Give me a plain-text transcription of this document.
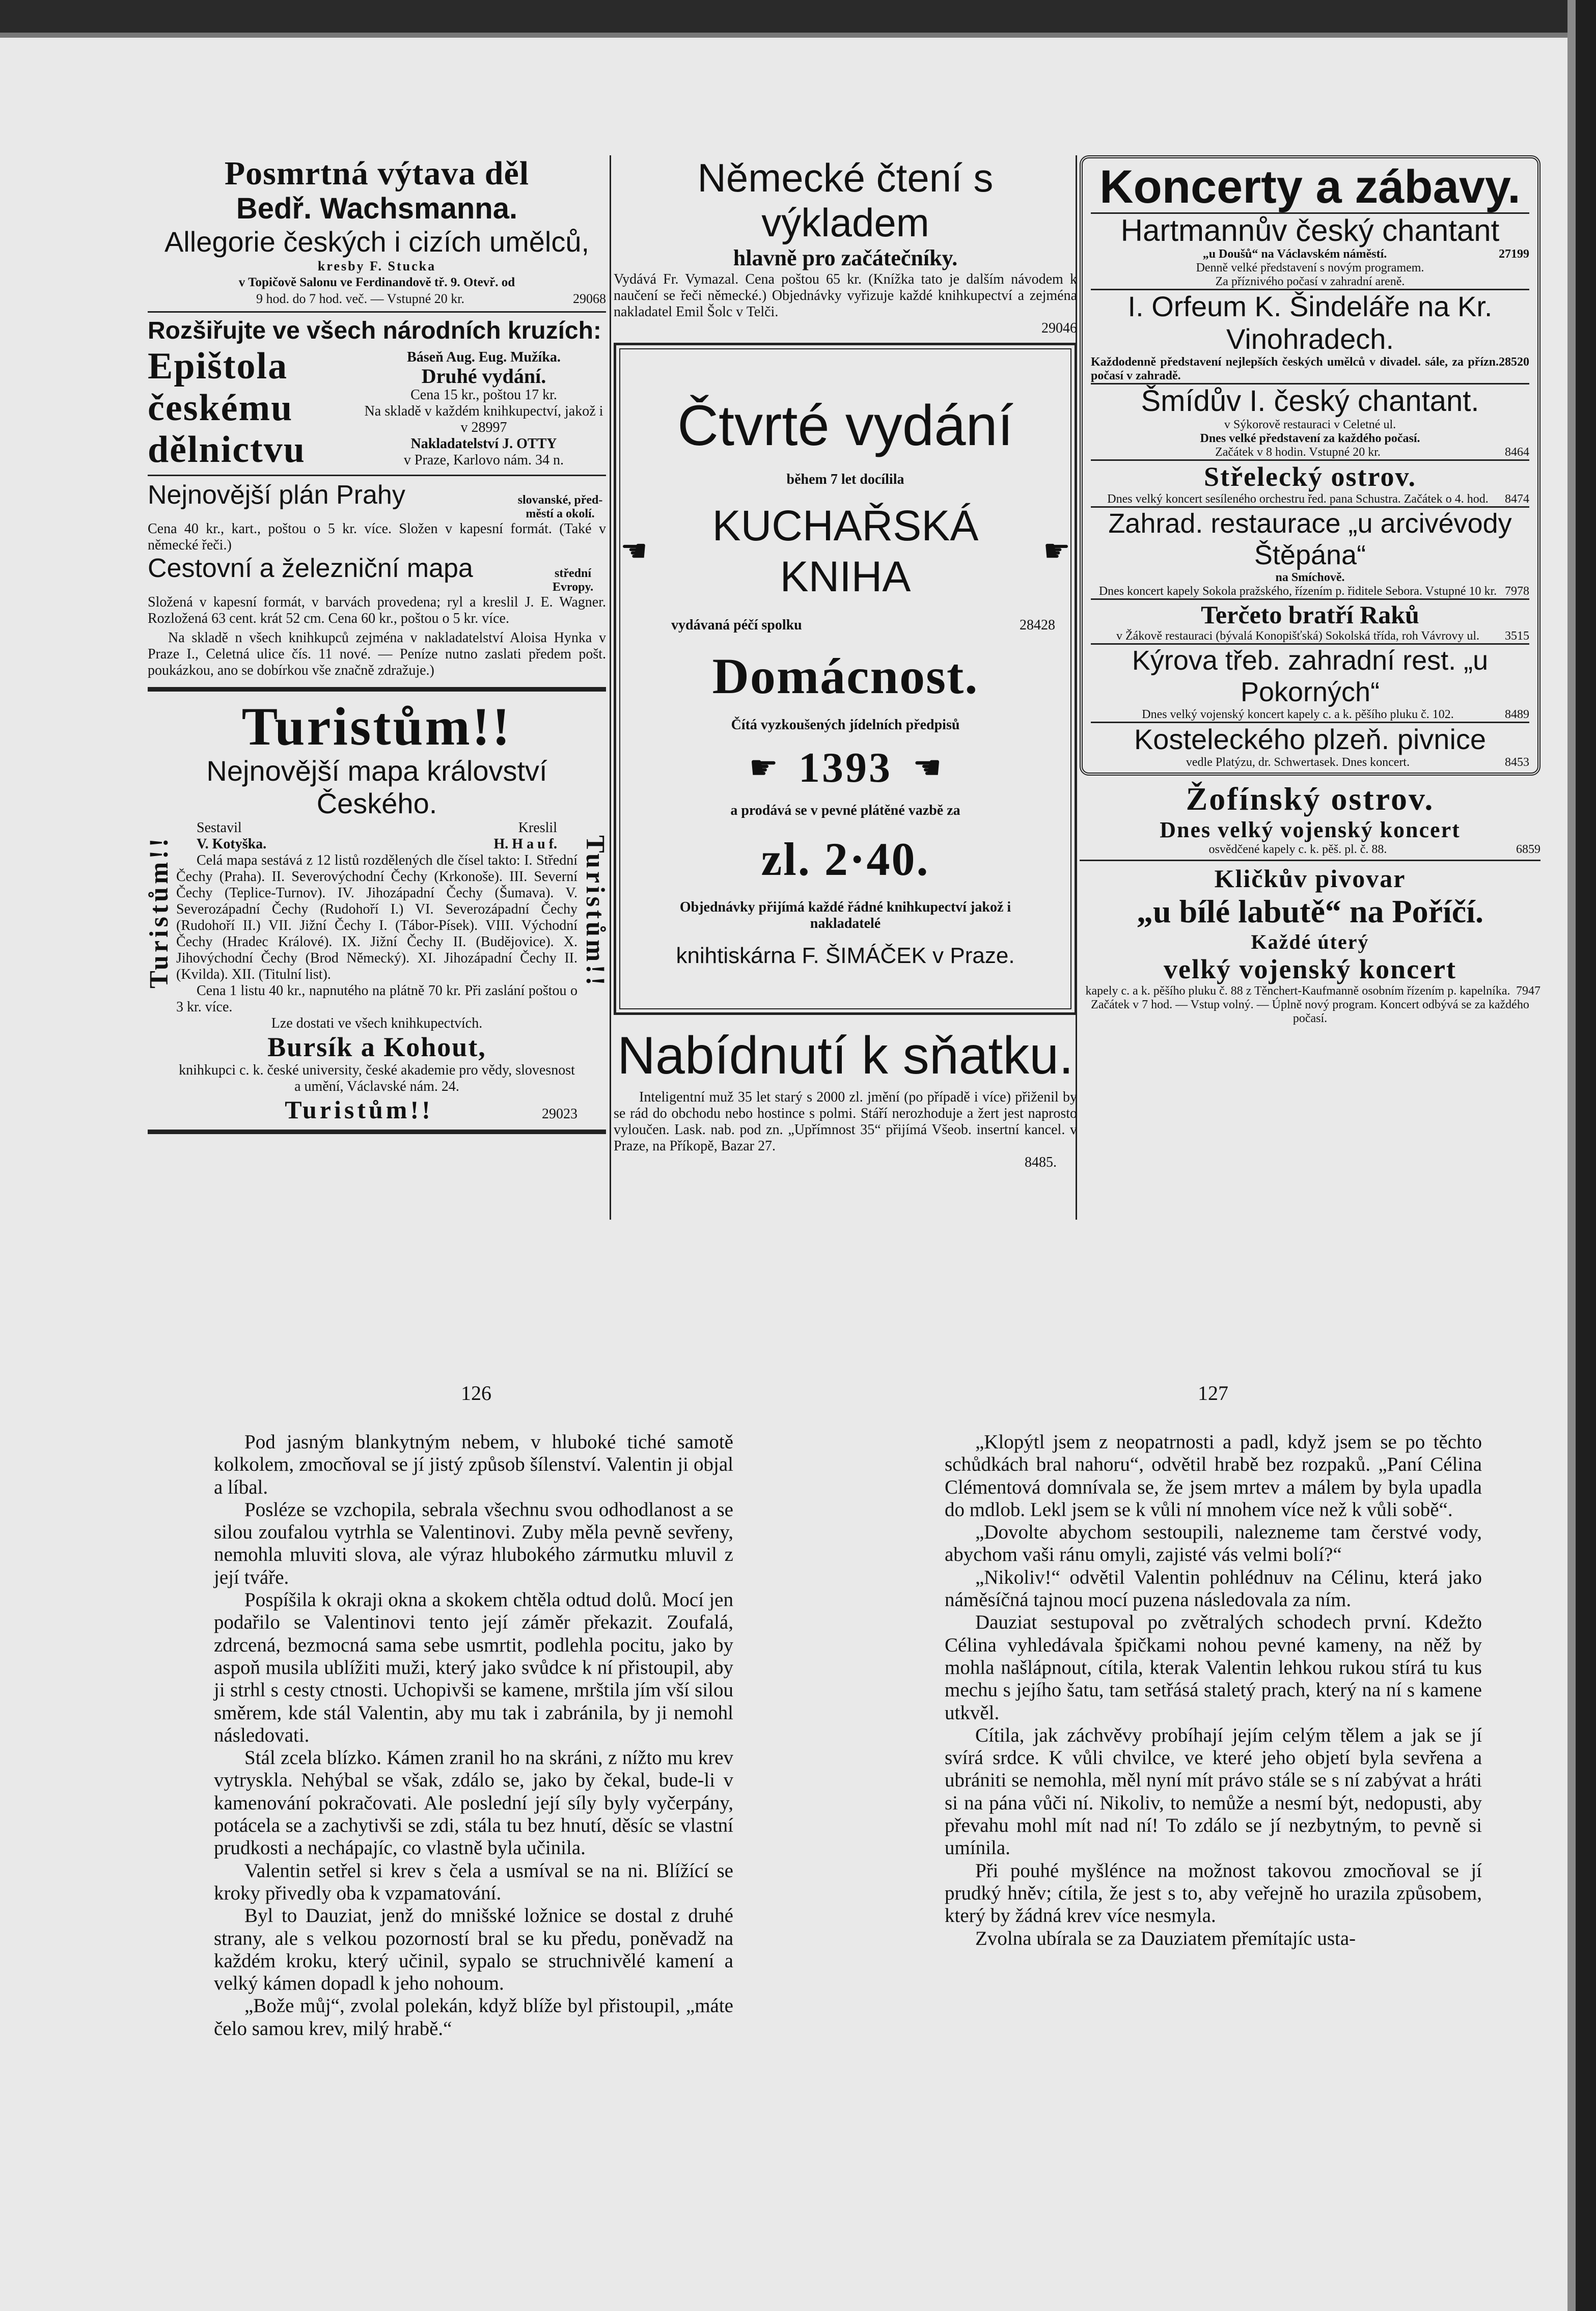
Posmrtná výtava děl
Bedř. Wachsmanna.
Allegorie českých i cizích umělců,
kresby F. Stucka
v Topičově Salonu ve Ferdinandově tř. 9. Otevř. od
9 hod. do 7 hod. več. — Vstupné 20 kr.	29068
Rozšiřujte ve všech národních kruzích:
Epištola
českému
dělnictvu
Báseň Aug. Eug. Mužíka.
Druhé vydání.
Cena 15 kr., poštou 17 kr.
Na skladě v každém knihkupectví, jakož i v 28997
Nakladatelství J. OTTY
v Praze, Karlovo nám. 34 n.
Nejnovější plán Prahy	slovanské, před-městí a okolí.

Cena 40 kr., kart., poštou o 5 kr. více. Složen v kapesní formát. (Také v německé řeči.)

Cestovní a železniční mapa	střední Evropy.

Složená v kapesní formát, v barvách provedena; ryl a kreslil J. E. Wagner. Rozložená 63 cent. krát 52 cm. Cena 60 kr., poštou o 5 kr. více.

Na skladě n všech knihkupců zejména v nakladatelství Aloisa Hynka v Praze I., Celetná ulice čís. 11 nové. — Peníze nutno zaslati předem pošt. poukázkou, ano se dobírkou vše značně zdražuje.)

Turistům!!
Turistům!!
Nejnovější mapa království Českého.
Sestavil	Kreslil
V. Kotyška.	H. H a u f.

Celá mapa sestává z 12 listů rozdělených dle čísel takto: I. Střední Čechy (Praha). II. Severovýchodní Čechy (Krkonoše). III. Severní Čechy (Teplice-Turnov). IV. Jihozápadní Čechy (Šumava). V. Severozápadní Čechy (Rudohoří I.) VI. Severozápadní Čechy (Rudohoří II.) VII. Jižní Čechy I. (Tábor-Písek). VIII. Východní Čechy (Hradec Králové). IX. Jižní Čechy II. (Budějovice). X. Jihovýchodní Čechy (Brod Německý). XI. Jihozápadní Čechy II. (Kvilda). XII. (Titulní list).

Cena 1 listu 40 kr., napnutého na plátně 70 kr. Při zaslání poštou o 3 kr. více.

Lze dostati ve všech knihkupectvích.

Bursík a Kohout,

knihkupci c. k. české university, české akademie pro vědy, slovesnost a umění, Václavské nám. 24.

Turistům!!	29023
Turistům!!
Německé čtení s výkladem
hlavně pro začátečníky.

Vydává Fr. Vymazal. Cena poštou 65 kr. (Knížka tato je dalším návodem k naučení se řeči německé.) Objednávky vyřizuje každé knihkupectví a zejména nakladatel Emil Šolc v Telči.

29046
Čtvrté vydání
během 7 let docílila
☚
KUCHAŘSKÁ KNIHA
☛
vydávaná péčí spolku	28428
Domácnost.
Čítá vyzkoušených jídelních předpisů
☛ 1393 ☚
a prodává se v pevné plátěné vazbě za
zl. 2·40.
Objednávky přijímá každé řádné knihkupectví jakož i nakladatelé
knihtiskárna F. ŠIMÁČEK v Praze.
Nabídnutí k sňatku.

Inteligentní muž 35 let starý s 2000 zl. jmění (po případě i více) přiženil by se rád do obchodu nebo hostince s polmi. Stáří nerozhoduje a žert jest naprosto vyloučen. Lask. nab. pod zn. „Upřímnost 35“ přijímá Všeob. insertní kancel. v Praze, na Příkopě, Bazar 27.

8485.
Koncerty a zábavy.
Hartmannův český chantant
„u Doušů“ na Václavském náměstí.	27199
Denně velké představení s novým programem.
Za příznivého počasí v zahradní areně.
I. Orfeum K. Šindeláře na Kr. Vinohradech.
Každodenně představení nejlepších českých umělců v divadel. sále, za přízn. počasí v zahradě.
28520
Šmídův I. český chantant.
v Sýkorově restauraci v Celetné ul.
Dnes velké představení za každého počasí.
Začátek v 8 hodin. Vstupné 20 kr.	8464
Střelecký ostrov.
Dnes velký koncert sesíleného orchestru řed. pana Schustra. Začátek o 4. hod.	8474
Zahrad. restaurace „u arcivévody Štěpána“
na Smíchově.
Dnes koncert kapely Sokola pražského, řízením p. řiditele Sebora. Vstupné 10 kr. 7978
Terčeto bratří Raků
v Žákově restauraci (bývalá Konopišťská) Sokolská třída, roh Vávrovy ul.	3515
Kýrova třeb. zahradní rest. „u Pokorných“
Dnes velký vojenský koncert kapely c. a k. pěšího pluku č. 102.	8489
Kosteleckého plzeň. pivnice
vedle Platýzu, dr. Schwertasek. Dnes koncert.	8453
Žofínský ostrov.
Dnes velký vojenský koncert
osvědčené kapely c. k. pěš. pl. č. 88.	6859
Kličkův pivovar
„u bílé labutě“ na Poříčí.
Každé úterý
velký vojenský koncert
kapely c. a k. pěšího pluku č. 88 z Těnchert-Kaufmanně osobním řízením p. kapelníka. 7947
Začátek v 7 hod. — Vstup volný. — Úplně nový program. Koncert odbývá se za každého počasí.
126	127

Pod jasným blankytným nebem, v hluboké tiché samotě kolkolem, zmocňoval se jí jistý způsob šílenství. Valentin ji objal a líbal.

Posléze se vzchopila, sebrala všechnu svou odhodlanost a se silou zoufalou vytrhla se Valentinovi. Zuby měla pevně sevřeny, nemohla mluviti slova, ale výraz hlubokého zármutku mluvil z její tváře.

Pospíšila k okraji okna a skokem chtěla odtud dolů. Mocí jen podařilo se Valentinovi tento její záměr překazit. Zoufalá, zdrcená, bezmocná sama sebe usmrtit, podlehla pocitu, jako by aspoň musila ublížiti muži, který jako svůdce k ní přistoupil, aby ji strhl s cesty ctnosti. Uchopivši se kamene, mrštila jím vší silou směrem, kde stál Valentin, aby mu tak i zabránila, by ji nemohl následovati.

Stál zcela blízko. Kámen zranil ho na skráni, z nížto mu krev vytryskla. Nehýbal se však, zdálo se, jako by čekal, bude-li v kamenování pokračovati. Ale poslední její síly byly vyčerpány, potácela se a zachytivši se zdi, stála tu bez hnutí, děsíc se vlastní prudkosti a nechápajíc, co vlastně byla učinila.

Valentin setřel si krev s čela a usmíval se na ni. Blížící se kroky přivedly oba k vzpamatování.

Byl to Dauziat, jenž do mnišské ložnice se dostal z druhé strany, ale s velkou pozorností bral se ku předu, poněvadž na každém kroku, který učinil, sypalo se struchnivělé kamení a velký kámen dopadl k jeho nohoum.

„Bože můj“, zvolal polekán, když blíže byl přistoupil, „máte čelo samou krev, milý hrabě.“

„Klopýtl jsem z neopatrnosti a padl, když jsem se po těchto schůdkách bral nahoru“, odvětil hrabě bez rozpaků. „Paní Célina Clémentová domnívala se, že jsem mrtev a málem by byla upadla do mdlob. Lekl jsem se k vůli ní mnohem více než k vůli sobě“.

„Dovolte abychom sestoupili, nalezneme tam čerstvé vody, abychom vaši ránu omyli, zajisté vás velmi bolí?“

„Nikoliv!“ odvětil Valentin pohlédnuv na Célinu, která jako náměsíčná tajnou mocí puzena následovala za ním.

Dauziat sestupoval po zvětralých schodech první. Kdežto Célina vyhledávala špičkami nohou pevné kameny, na něž by mohla našlápnout, cítila, kterak Valentin lehkou rukou stírá tu kus mechu s jejího šatu, tam setřásá staletý prach, který na ní s kamene utkvěl.

Cítila, jak záchvěvy probíhají jejím celým tělem a jak se jí svírá srdce. K vůli chvilce, ve které jeho objetí byla sevřena a ubrániti se nemohla, měl nyní mít právo stále se s ní zabývat a hráti si na pána vůči ní. Nikoliv, to nemůže a nesmí být, nedopusti, aby převahu mohl mít nad ní! To zdálo se jí nezbytným, to pevně si umínila.

Při pouhé myšlénce na možnost takovou zmocňoval se jí prudký hněv; cítila, že jest s to, aby veřejně ho urazila způsobem, který by žádná krev více nesmyla.

Zvolna ubírala se za Dauziatem přemítajíc usta-
